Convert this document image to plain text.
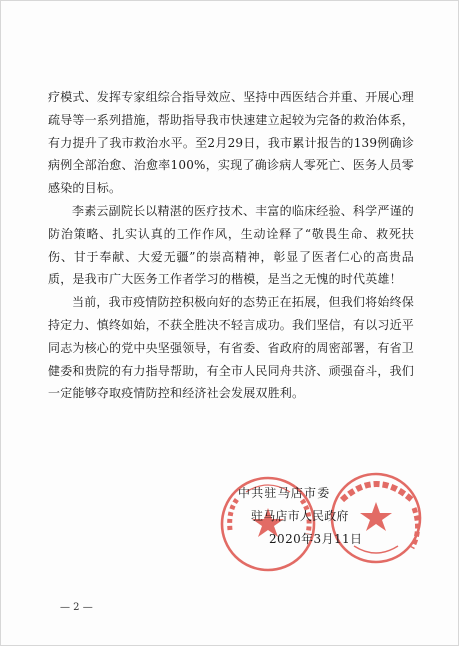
疗模式、发挥专家组综合指导效应、坚持中西医结合并重、开展心理疏导等一系列措施，帮助指导我市快速建立起较为完备的救治体系，有力提升了我市救治水平。至2月29日，我市累计报告的139例确诊病例全部治愈、治愈率100%，实现了确诊病人零死亡、医务人员零感染的目标。

李素云副院长以精湛的医疗技术、丰富的临床经验、科学严谨的防治策略、扎实认真的工作作风，生动诠释了“敬畏生命、救死扶伤、甘于奉献、大爱无疆”的崇高精神，彰显了医者仁心的高贵品质，是我市广大医务工作者学习的楷模，是当之无愧的时代英雄！

当前，我市疫情防控积极向好的态势正在拓展，但我们将始终保持定力、慎终如始，不获全胜决不轻言成功。我们坚信，有以习近平同志为核心的党中央坚强领导，有省委、省政府的周密部署，有省卫健委和贵院的有力指导帮助，有全市人民同舟共济、顽强奋斗，我们一定能够夺取疫情防控和经济社会发展双胜利。

中共驻马店市委
驻马店市人民政府
2020年3月11日
— 2 —
